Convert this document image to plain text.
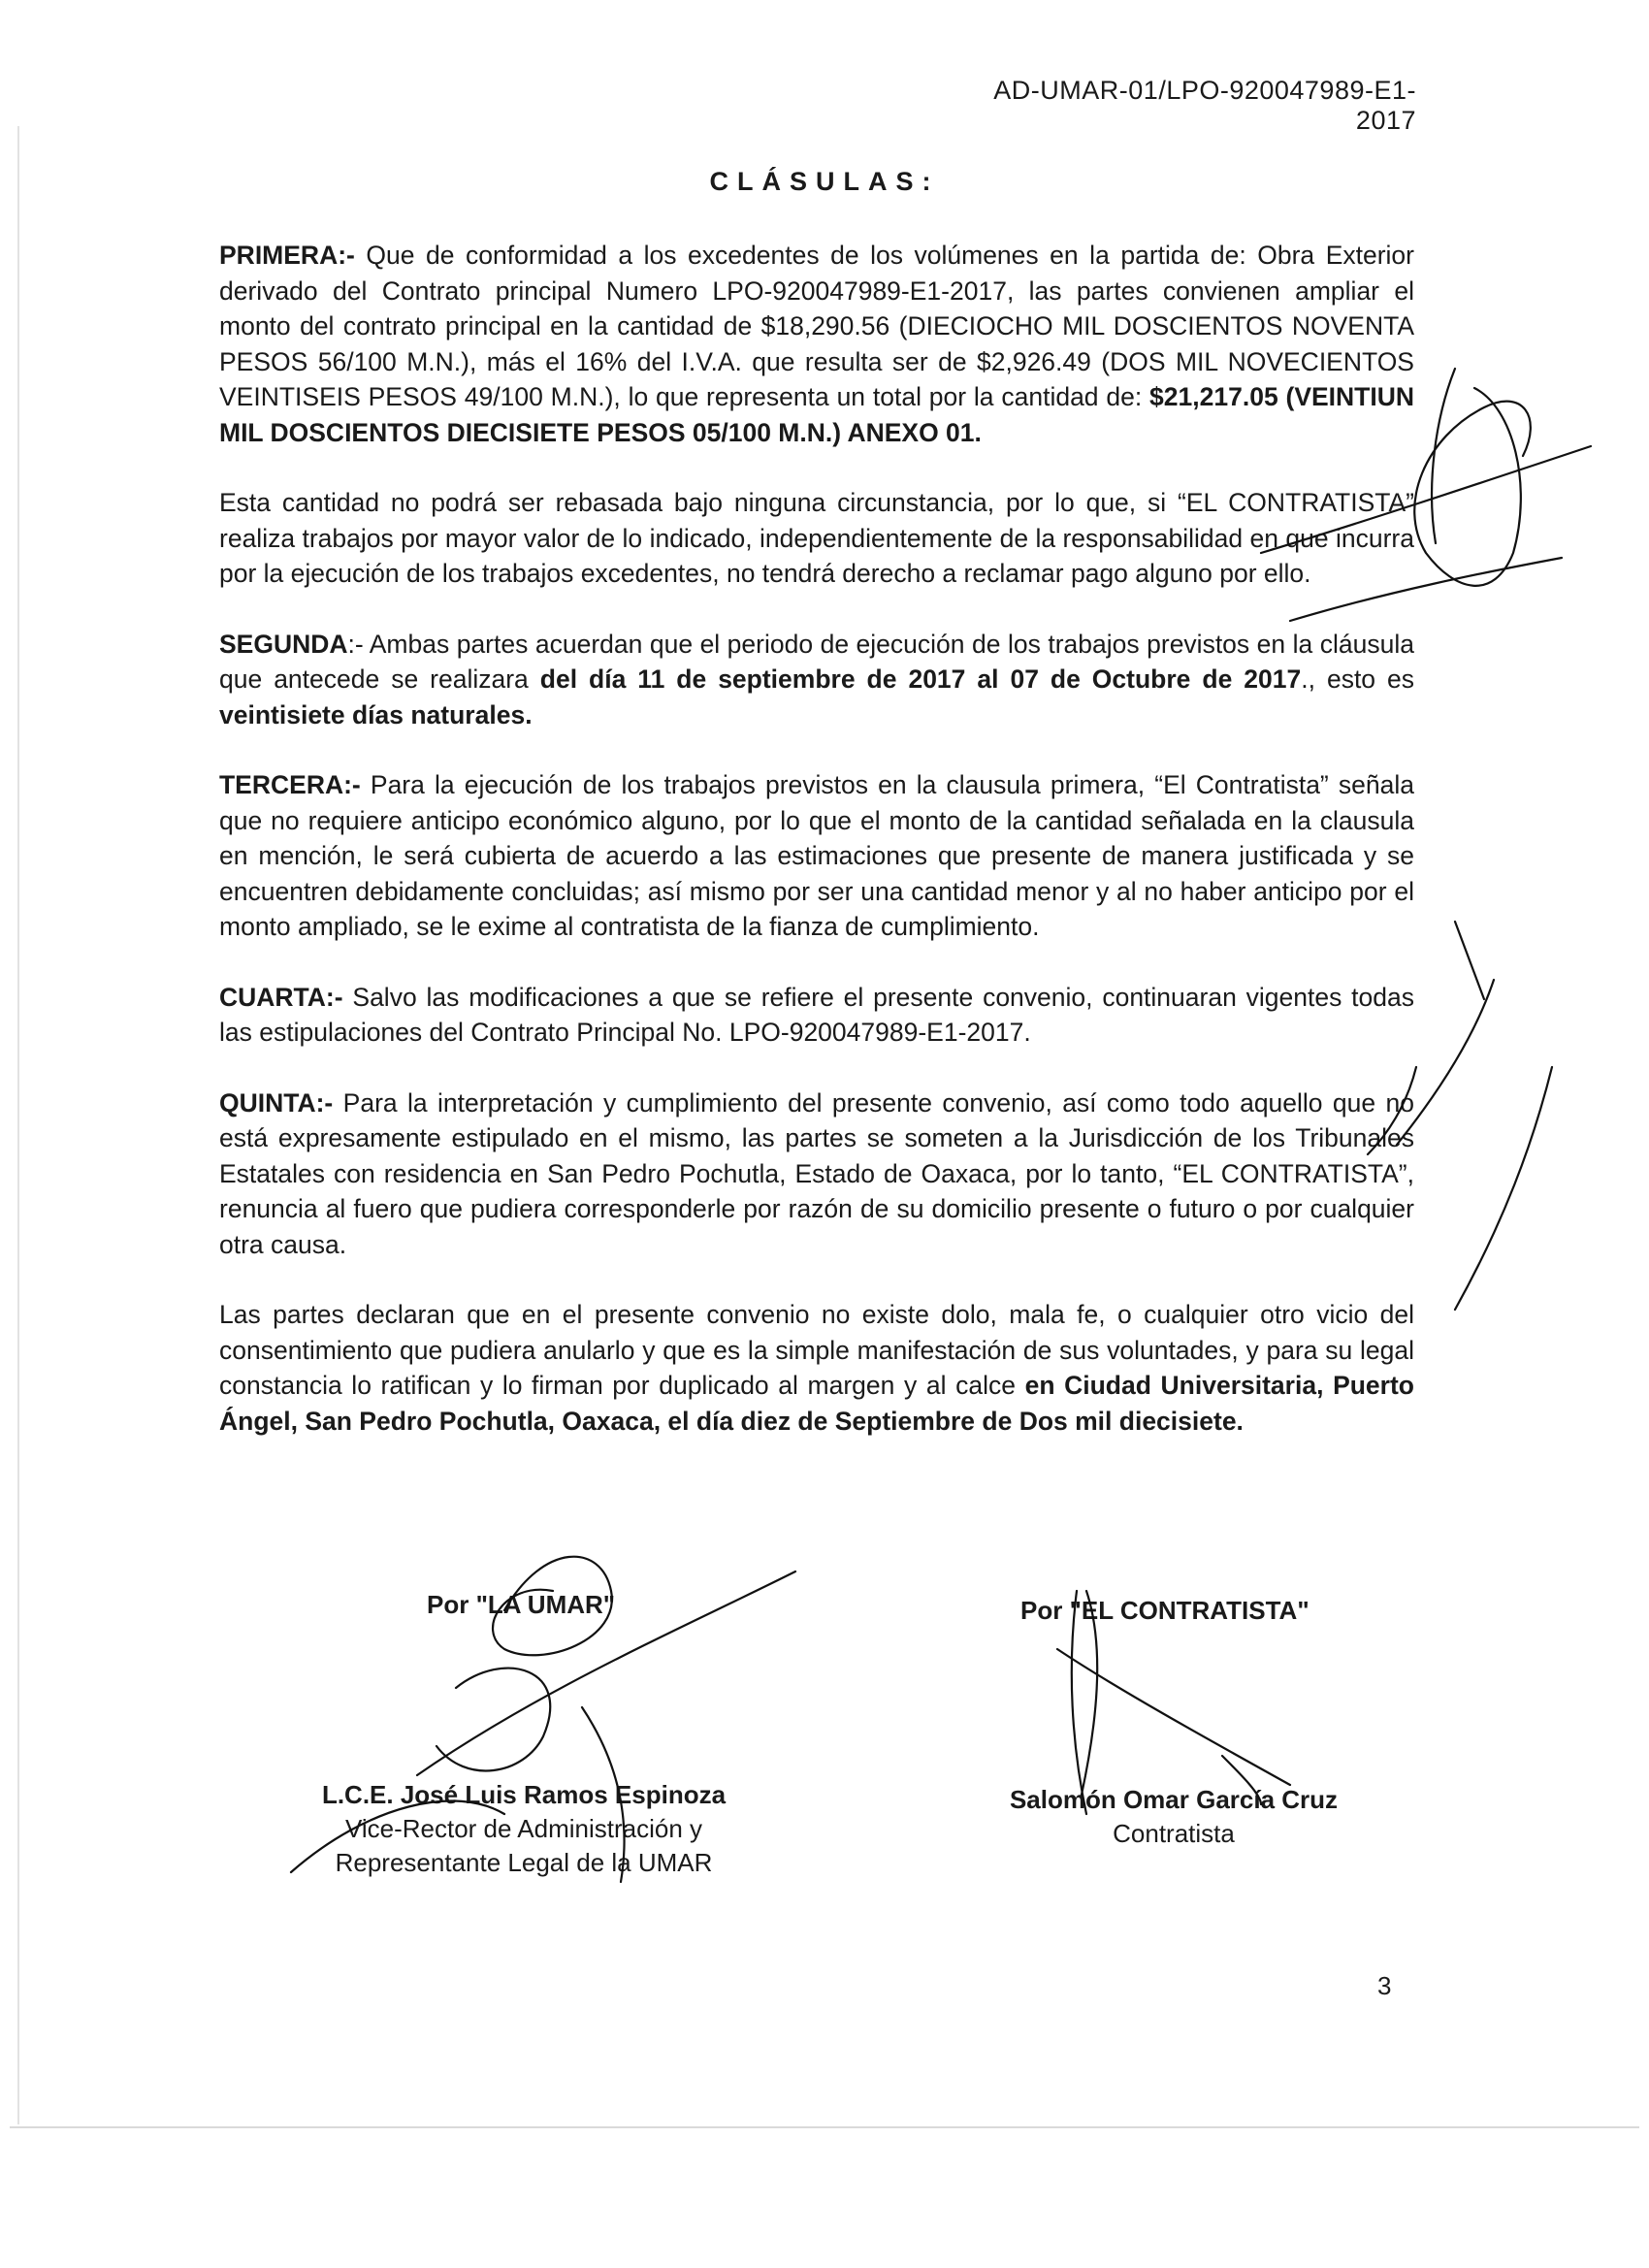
AD-UMAR-01/LPO-920047989-E1-2017
CLÁSULAS:

PRIMERA:- Que de conformidad a los excedentes de los volúmenes en la partida de: Obra Exterior derivado del Contrato principal Numero LPO-920047989-E1-2017, las partes convienen ampliar el monto del contrato principal en la cantidad de $18,290.56 (DIECIOCHO MIL DOSCIENTOS NOVENTA PESOS 56/100 M.N.), más el 16% del I.V.A. que resulta ser de $2,926.49 (DOS MIL NOVECIENTOS VEINTISEIS PESOS 49/100 M.N.), lo que representa un total por la cantidad de: $21,217.05 (VEINTIUN MIL DOSCIENTOS DIECISIETE PESOS 05/100 M.N.) ANEXO 01.

Esta cantidad no podrá ser rebasada bajo ninguna circunstancia, por lo que, si “EL CONTRATISTA” realiza trabajos por mayor valor de lo indicado, independientemente de la responsabilidad en que incurra por la ejecución de los trabajos excedentes, no tendrá derecho a reclamar pago alguno por ello.

SEGUNDA:- Ambas partes acuerdan que el periodo de ejecución de los trabajos previstos en la cláusula que antecede se realizara del día 11 de septiembre de 2017 al 07 de Octubre de 2017., esto es veintisiete días naturales.

TERCERA:- Para la ejecución de los trabajos previstos en la clausula primera, “El Contratista” señala que no requiere anticipo económico alguno, por lo que el monto de la cantidad señalada en la clausula en mención, le será cubierta de acuerdo a las estimaciones que presente de manera justificada y se encuentren debidamente concluidas; así mismo por ser una cantidad menor y al no haber anticipo por el monto ampliado, se le exime al contratista de la fianza de cumplimiento.

CUARTA:- Salvo las modificaciones a que se refiere el presente convenio, continuaran vigentes todas las estipulaciones del Contrato Principal No. LPO-920047989-E1-2017.

QUINTA:- Para la interpretación y cumplimiento del presente convenio, así como todo aquello que no está expresamente estipulado en el mismo, las partes se someten a la Jurisdicción de los Tribunales Estatales con residencia en San Pedro Pochutla, Estado de Oaxaca, por lo tanto, “EL CONTRATISTA”, renuncia al fuero que pudiera corresponderle por razón de su domicilio presente o futuro o por cualquier otra causa.

Las partes declaran que en el presente convenio no existe dolo, mala fe, o cualquier otro vicio del consentimiento que pudiera anularlo y que es la simple manifestación de sus voluntades, y para su legal constancia lo ratifican y lo firman por duplicado al margen y al calce en Ciudad Universitaria, Puerto Ángel, San Pedro Pochutla, Oaxaca, el día diez de Septiembre de Dos mil diecisiete.

Por "LA UMAR"	Por "EL CONTRATISTA"
L.C.E. José Luis Ramos Espinoza
Vice-Rector de Administración y
Representante Legal de la UMAR
Salomón Omar García Cruz
Contratista
3
